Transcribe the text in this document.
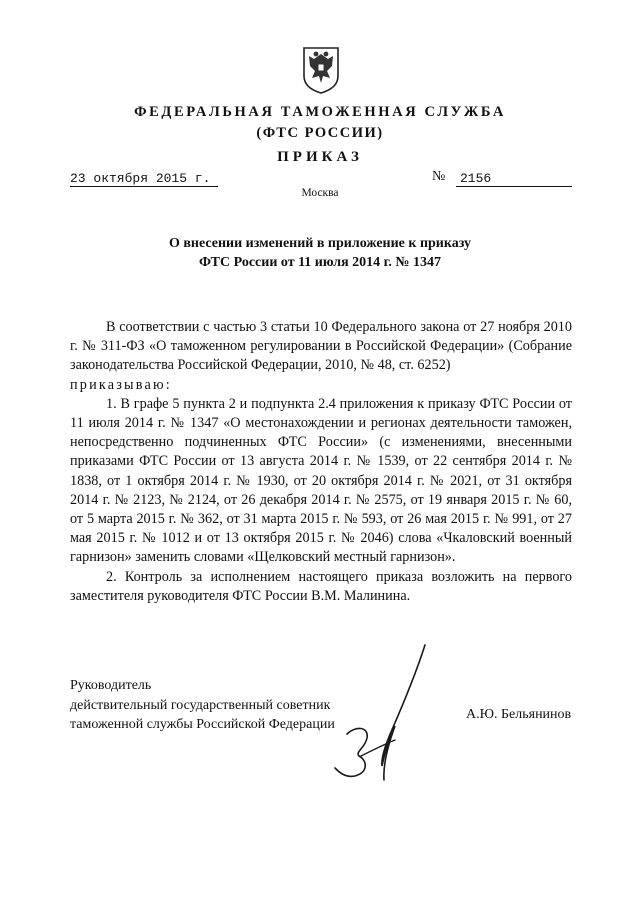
ФЕДЕРАЛЬНАЯ ТАМОЖЕННАЯ СЛУЖБА
(ФТС РОССИИ)
ПРИКАЗ
23 октября 2015 г.	№	2156
Москва
О внесении изменений в приложение к приказу
ФТС России от 11 июля 2014 г. № 1347

В соответствии с частью 3 статьи 10 Федерального закона от 27 ноября 2010 г. № 311-ФЗ «О таможенном регулировании в Российской Федерации» (Собрание законодательства Российской Федерации, 2010, № 48, ст. 6252)

приказываю:

1. В графе 5 пункта 2 и подпункта 2.4 приложения к приказу ФТС России от 11 июля 2014 г. № 1347 «О местонахождении и регионах деятельности таможен, непосредственно подчиненных ФТС России» (с изменениями, внесенными приказами ФТС России от 13 августа 2014 г. № 1539, от 22 сентября 2014 г. № 1838, от 1 октября 2014 г. № 1930, от 20 октября 2014 г. № 2021, от 31 октября 2014 г. № 2123, № 2124, от 26 декабря 2014 г. № 2575, от 19 января 2015 г. № 60, от 5 марта 2015 г. № 362, от 31 марта 2015 г. № 593, от 26 мая 2015 г. № 991, от 27 мая 2015 г. № 1012 и от 13 октября 2015 г. № 2046) слова «Чкаловский военный гарнизон» заменить словами «Щелковский местный гарнизон».

2. Контроль за исполнением настоящего приказа возложить на первого заместителя руководителя ФТС России В.М. Малинина.

Руководитель
действительный государственный советник
таможенной службы Российской Федерации
А.Ю. Бельянинов
